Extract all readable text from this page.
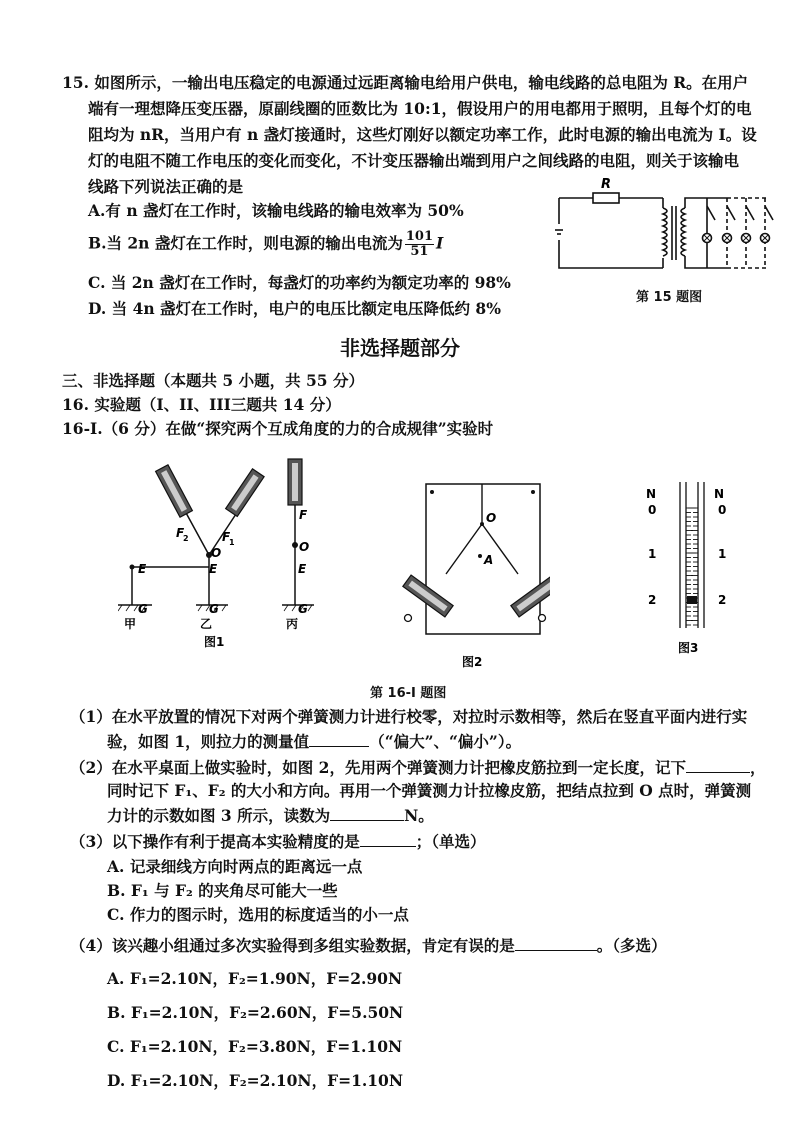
15. 如图所示，一输出电压稳定的电源通过远距离输电给用户供电，输电线路的总电阻为 R。在用户
端有一理想降压变压器，原副线圈的匝数比为 10:1，假设用户的用电都用于照明，且每个灯的电
阻均为 nR，当用户有 n 盏灯接通时，这些灯刚好以额定功率工作，此时电源的输出电流为 I。设
灯的电阻不随工作电压的变化而变化，不计变压器输出端到用户之间线路的电阻，则关于该输电
线路下列说法正确的是
A.有 n 盏灯在工作时，该输电线路的输电效率为 50%
B.当 2n 盏灯在工作时，则电源的输出电流为 $\frac{101}{51}$ I
C. 当 2n 盏灯在工作时，每盏灯的功率约为额定功率的 98%
D. 当 4n 盏灯在工作时，电户的电压比额定电压降低约 8%
R
第 15 题图
非选择题部分
三、非选择题（本题共 5 小题，共 55 分）
16. 实验题（I、II、III三题共 14 分）
16-I.（6 分）在做“探究两个互成角度的力的合成规律”实验时
F
2	F
1
F
O	O
E	E	E
G	G	G
甲	乙	丙
图1
O
A
图2
N	N
0	0
1	1
2	2
图3
第 16-I 题图
（1）在水平放置的情况下对两个弹簧测力计进行校零，对拉时示数相等，然后在竖直平面内进行实
验，如图 1，则拉力的测量值	（“偏大”、“偏小”）。
（2）在水平桌面上做实验时，如图 2，先用两个弹簧测力计把橡皮筋拉到一定长度，记下	，
同时记下 F₁、F₂ 的大小和方向。再用一个弹簧测力计拉橡皮筋，把结点拉到 O 点时，弹簧测
力计的示数如图 3 所示，读数为	N。
（3）以下操作有利于提高本实验精度的是	；（单选）
A. 记录细线方向时两点的距离远一点
B. F₁ 与 F₂ 的夹角尽可能大一些
C. 作力的图示时，选用的标度适当的小一点
（4）该兴趣小组通过多次实验得到多组实验数据，肯定有误的是	。（多选）
A. F₁=2.10N，F₂=1.90N，F=2.90N
B. F₁=2.10N，F₂=2.60N，F=5.50N
C. F₁=2.10N，F₂=3.80N，F=1.10N
D. F₁=2.10N，F₂=2.10N，F=1.10N
